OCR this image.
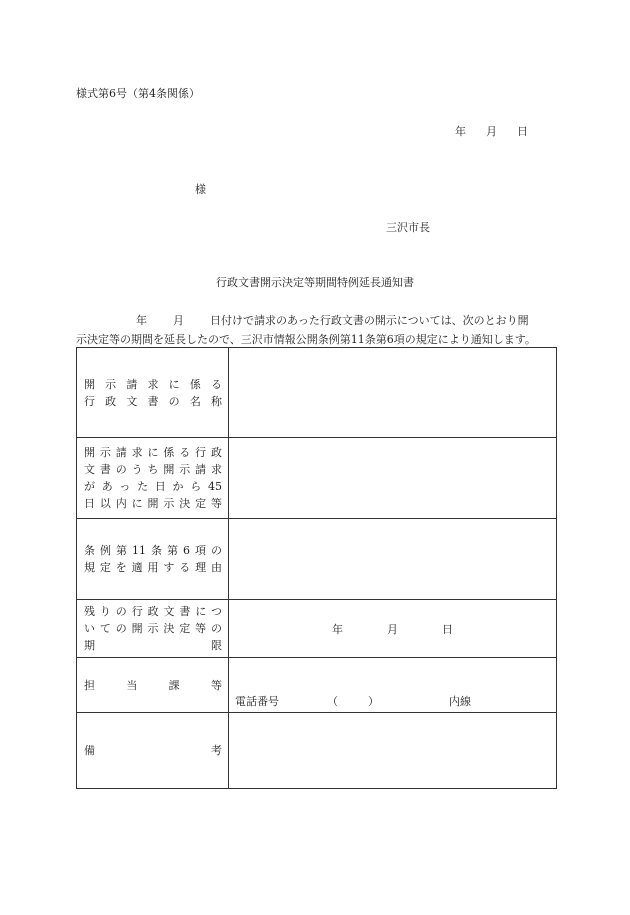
様式第6号（第4条関係）
年 月 日
様
三沢市長
行政文書開示決定等期間特例延長通知書
年 月 日付けで請求のあった行政文書の開示については、次のとおり開
示決定等の期間を延長したので、三沢市情報公開条例第11条第6項の規定により通知します。
開示請求に係る
行政文書の名称	

開示請求に係る行政
文書のうち開示請求
があった日から45
日以内に開示決定等	

条例第11条第6項の
規定を適用する理由	

残りの行政文書につ
いての開示決定等の
期 限	年 月 日

担 当 課 等	電話番号 （ ） 内線

備 考	
